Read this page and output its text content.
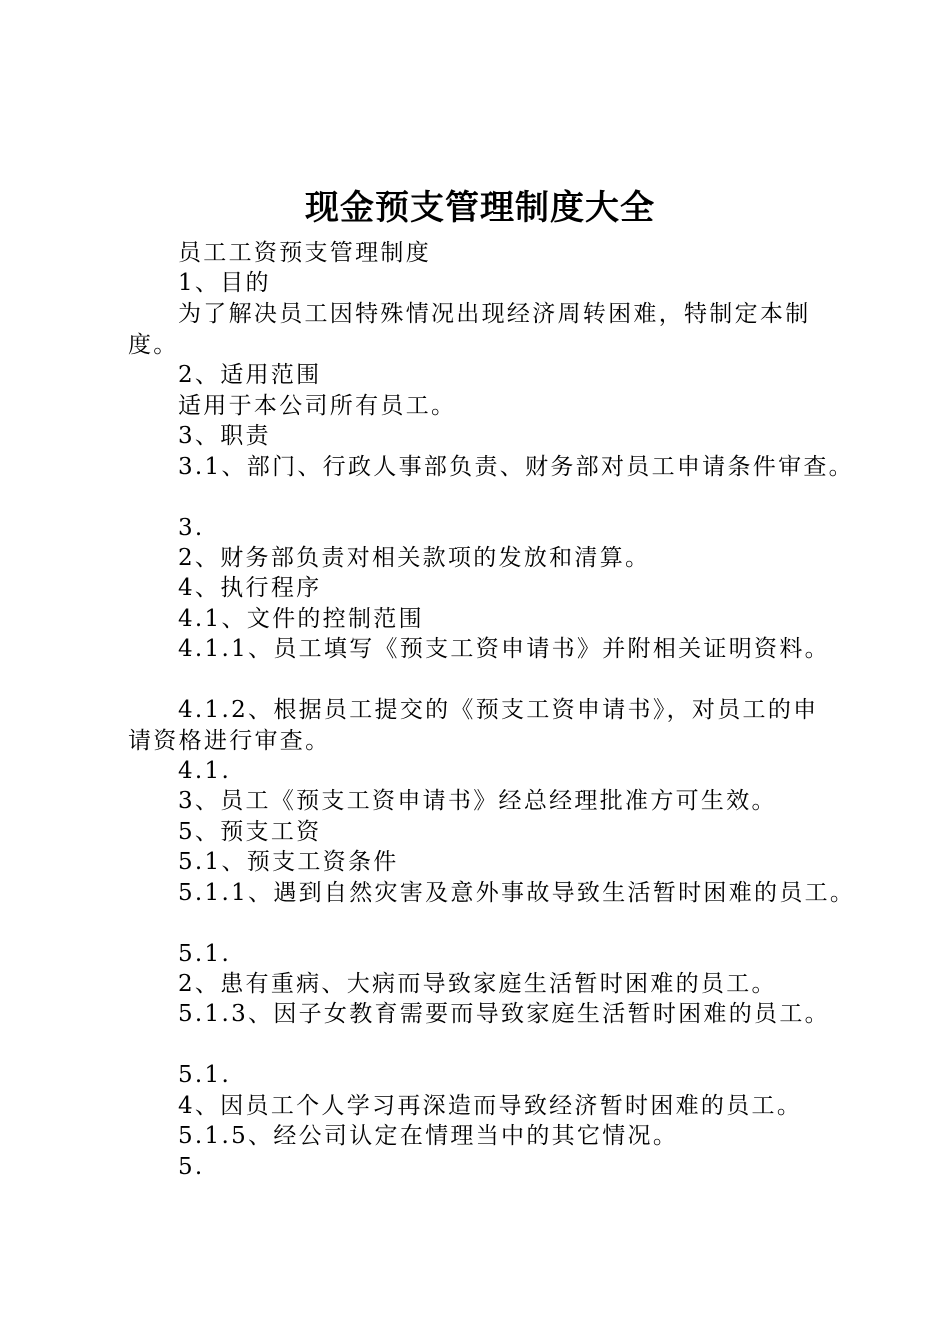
现金预支管理制度大全
员工工资预支管理制度
1、目的
为了解决员工因特殊情况出现经济周转困难，特制定本制
度。
2、适用范围
适用于本公司所有员工。
3、职责
3.1、部门、行政人事部负责、财务部对员工申请条件审查。
3.
2、财务部负责对相关款项的发放和清算。
4、执行程序
4.1、文件的控制范围
4.1.1、员工填写《预支工资申请书》并附相关证明资料。
4.1.2、根据员工提交的《预支工资申请书》，对员工的申
请资格进行审查。
4.1.
3、员工《预支工资申请书》经总经理批准方可生效。
5、预支工资
5.1、预支工资条件
5.1.1、遇到自然灾害及意外事故导致生活暂时困难的员工。
5.1.
2、患有重病、大病而导致家庭生活暂时困难的员工。
5.1.3、因子女教育需要而导致家庭生活暂时困难的员工。
5.1.
4、因员工个人学习再深造而导致经济暂时困难的员工。
5.1.5、经公司认定在情理当中的其它情况。
5.
